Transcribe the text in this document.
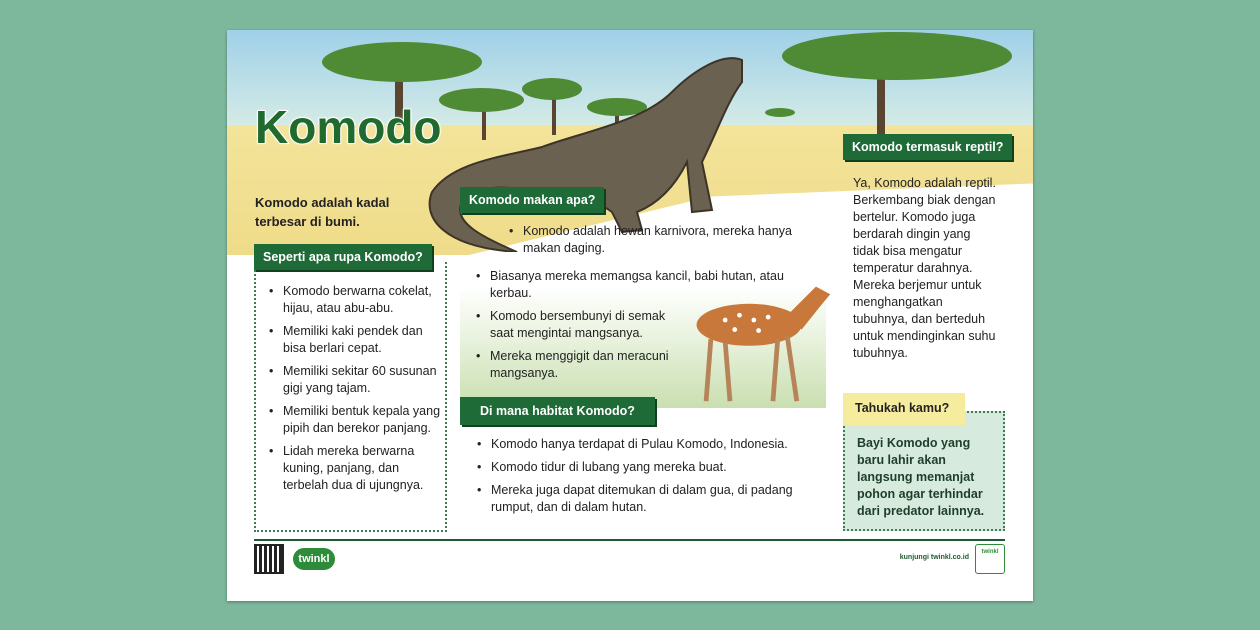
Komodo
Komodo adalah kadal terbesar di bumi.
Seperti apa rupa Komodo?
• Komodo berwarna cokelat, hijau, atau abu-abu.
• Memiliki kaki pendek dan bisa berlari cepat.
• Memiliki sekitar 60 susunan gigi yang tajam.
• Memiliki bentuk kepala yang pipih dan berekor panjang.
• Lidah mereka berwarna kuning, panjang, dan terbelah dua di ujungnya.
Komodo makan apa?
• Komodo adalah hewan karnivora, mereka hanya makan daging.
• Biasanya mereka memangsa kancil, babi hutan, atau kerbau.
• Komodo bersembunyi di semak saat mengintai mangsanya.
• Mereka menggigit dan meracuni mangsanya.
Di mana habitat Komodo?
• Komodo hanya terdapat di Pulau Komodo, Indonesia.
• Komodo tidur di lubang yang mereka buat.
• Mereka juga dapat ditemukan di dalam gua, di padang rumput, dan di dalam hutan.
Komodo termasuk reptil?
Ya, Komodo adalah reptil. Berkembang biak dengan bertelur. Komodo juga berdarah dingin yang tidak bisa mengatur temperatur darahnya. Mereka berjemur untuk menghangatkan tubuhnya, dan berteduh untuk mendinginkan suhu tubuhnya.
Tahukah kamu?
Bayi Komodo yang baru lahir akan langsung memanjat pohon agar terhindar dari predator lainnya.
twinkl	kunjungi twinkl.co.id
twinkl
